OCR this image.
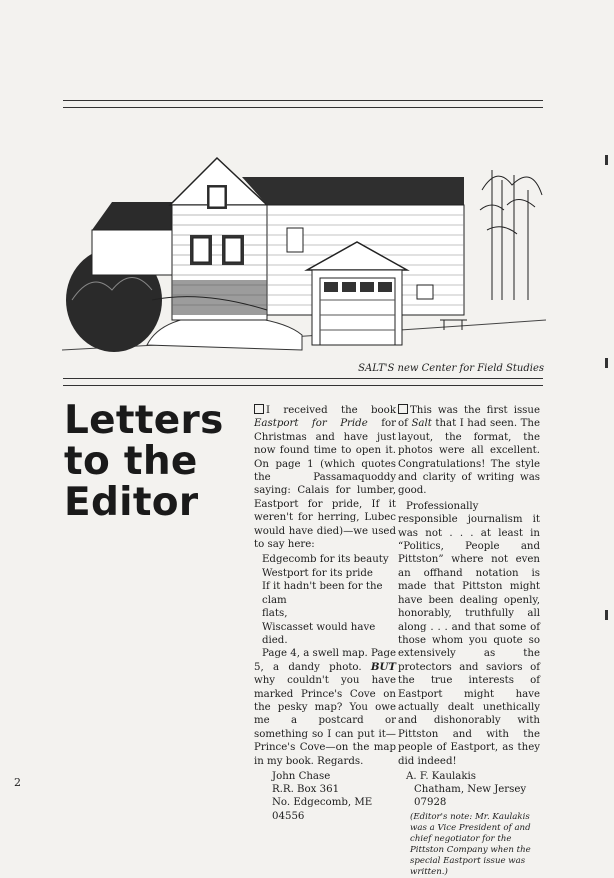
SALT'S new Center for Field Studies
Letters
to the
Editor

I received the book Eastport for Pride for Christmas and have just now found time to open it. On page 1 (which quotes the Passamaquoddy saying: Calais for lumber, Eastport for pride, If it weren't for herring, Lubec would have died)—we used to say here:

Edgecomb for its beauty
Westport for its pride
If it hadn't been for the clam
flats,
Wiscasset would have died.

Page 4, a swell map. Page 5, a dandy photo. BUT why couldn't you have marked Prince's Cove on the pesky map? You owe me a postcard or something so I can put it—Prince's Cove—on the map in my book. Regards.

John Chase
R.R. Box 361
No. Edgecomb, ME 04556

This was the first issue of Salt that I had seen. The layout, the format, the photos were all excellent. Congratulations! The style and clarity of writing was good.

Professionally responsible journalism it was not . . . at least in “Politics, People and Pittston” where not even an offhand notation is made that Pittston might have been dealing openly, honorably, truthfully all along . . . and that some of those whom you quote so extensively as the protectors and saviors of the true interests of Eastport might have actually dealt unethically and dishonorably with Pittston and with the people of Eastport, as they did indeed!

A. F. Kaulakis
Chatham, New Jersey 07928
(Editor's note: Mr. Kaulakis was a Vice President of and chief negotiator for the Pittston Company when the special Eastport issue was written.)
2
